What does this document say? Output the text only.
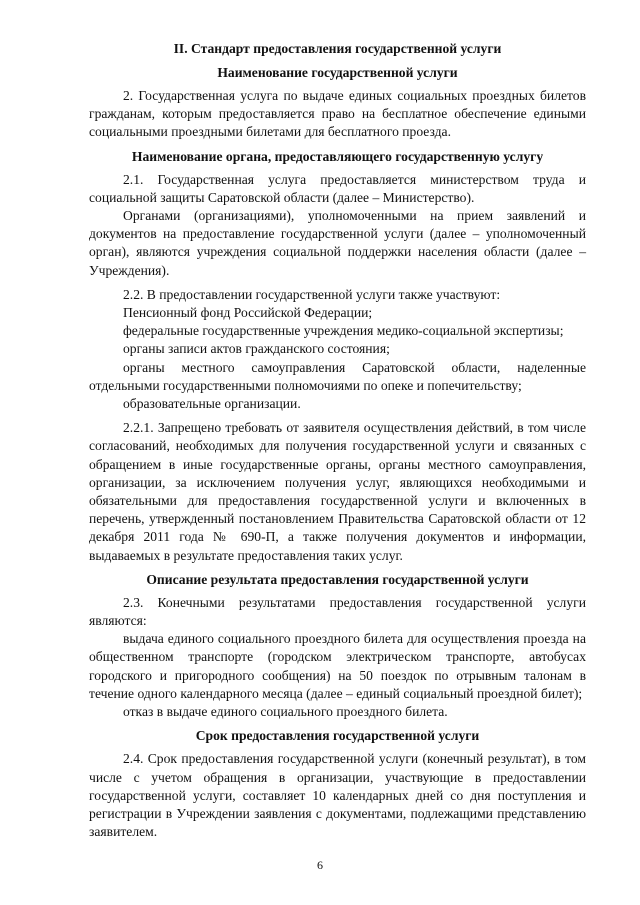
II. Стандарт предоставления государственной услуги

Наименование государственной услуги

2. Государственная услуга по выдаче единых социальных проездных билетов гражданам, которым предоставляется право на бесплатное обеспечение едиными социальными проездными билетами для бесплатного проезда.

Наименование органа, предоставляющего государственную услугу

2.1. Государственная услуга предоставляется министерством труда и социальной защиты Саратовской области (далее – Министерство).

Органами (организациями), уполномоченными на прием заявлений и документов на предоставление государственной услуги (далее – уполномоченный орган), являются учреждения социальной поддержки населения области (далее – Учреждения).

2.2. В предоставлении государственной услуги также участвуют:

Пенсионный фонд Российской Федерации;

федеральные государственные учреждения медико-социальной экспертизы;

органы записи актов гражданского состояния;

органы местного самоуправления Саратовской области, наделенные отдельными государственными полномочиями по опеке и попечительству;

образовательные организации.

2.2.1. Запрещено требовать от заявителя осуществления действий, в том числе согласований, необходимых для получения государственной услуги и связанных с обращением в иные государственные органы, органы местного самоуправления, организации, за исключением получения услуг, являющихся необходимыми и обязательными для предоставления государственной услуги и включенных в перечень, утвержденный постановлением Правительства Саратовской области от 12 декабря 2011 года № 690-П, а также получения документов и информации, выдаваемых в результате предоставления таких услуг.

Описание результата предоставления государственной услуги

2.3. Конечными результатами предоставления государственной услуги являются:

выдача единого социального проездного билета для осуществления проезда на общественном транспорте (городском электрическом транспорте, автобусах городского и пригородного сообщения) на 50 поездок по отрывным талонам в течение одного календарного месяца (далее – единый социальный проездной билет);

отказ в выдаче единого социального проездного билета.

Срок предоставления государственной услуги

2.4. Срок предоставления государственной услуги (конечный результат), в том числе с учетом обращения в организации, участвующие в предоставлении государственной услуги, составляет 10 календарных дней со дня поступления и регистрации в Учреждении заявления с документами, подлежащими представлению заявителем.

6
